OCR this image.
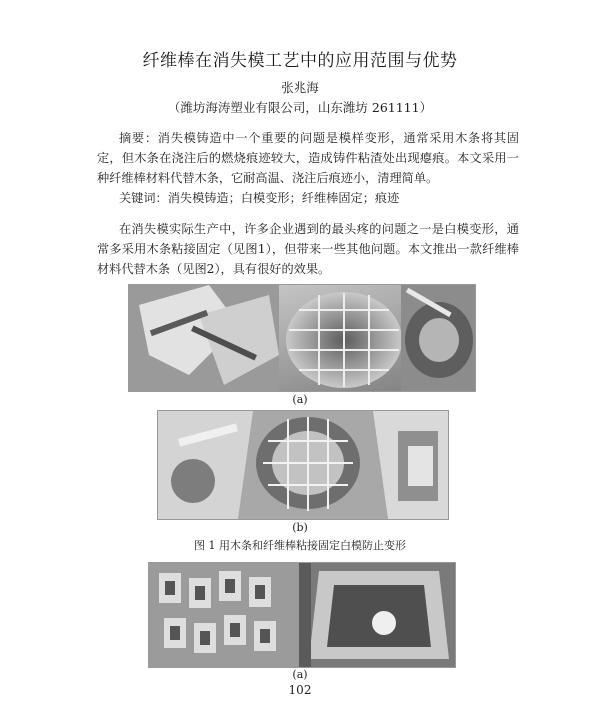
纤维棒在消失模工艺中的应用范围与优势
张兆海
（潍坊海涛塑业有限公司，山东潍坊 261111）
摘要：消失模铸造中一个重要的问题是模样变形，通常采用木条将其固定，但木条在浇注后的燃烧痕迹较大，造成铸件粘渣处出现瘪痕。本文采用一种纤维棒材料代替木条，它耐高温、浇注后痕迹小，清理简单。
关键词：消失模铸造；白模变形；纤维棒固定；痕迹
在消失模实际生产中，许多企业遇到的最头疼的问题之一是白模变形，通常多采用木条粘接固定（见图1），但带来一些其他问题。本文推出一款纤维棒材料代替木条（见图2），具有很好的效果。
(a)
(b)
图 1 用木条和纤维棒粘接固定白模防止变形
(a)
102
